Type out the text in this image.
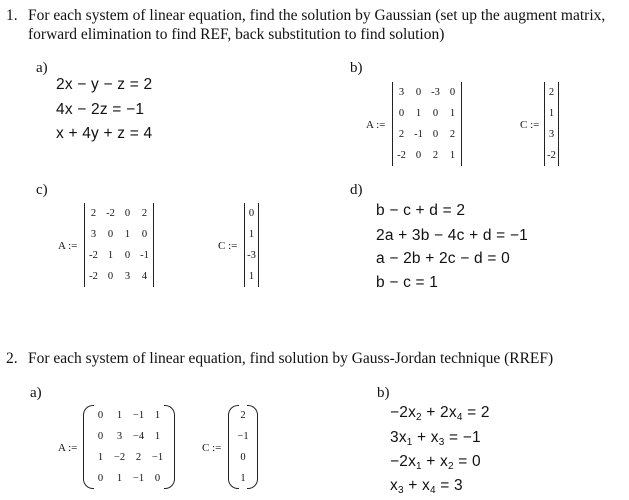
1. For each system of linear equation, find the solution by Gaussian (set up the augment matrix,
forward elimination to find REF, back substitution to find solution)
a)
2x − y − z = 2
4x − 2z = −1
x + 4y + z = 4
b)
A :=
3	0	-3	0
0	1	0	1
2	-1	0	2
-2	0	2	1
C :=
2
1
3
-2
c)
A :=
2	-2	0	2
3	0	1	0
-2	1	0	-1
-2	0	3	4
C :=
0
1
-3
1
d)
b − c + d = 2
2a + 3b − 4c + d = −1
a − 2b + 2c − d = 0
b − c = 1
2. For each system of linear equation, find solution by Gauss-Jordan technique (RREF)
a)
A :=
0	1	−1	1
0	3	−4	1
1	−2	2	−1
0	1	−1	0
C :=
2
−1
0
1
b)
$-2x_2 + 2x_4 = 2$
$3x_1 + x_3 = -1$
$-2x_1 + x_2 = 0$
$x_3 + x_4 = 3$
